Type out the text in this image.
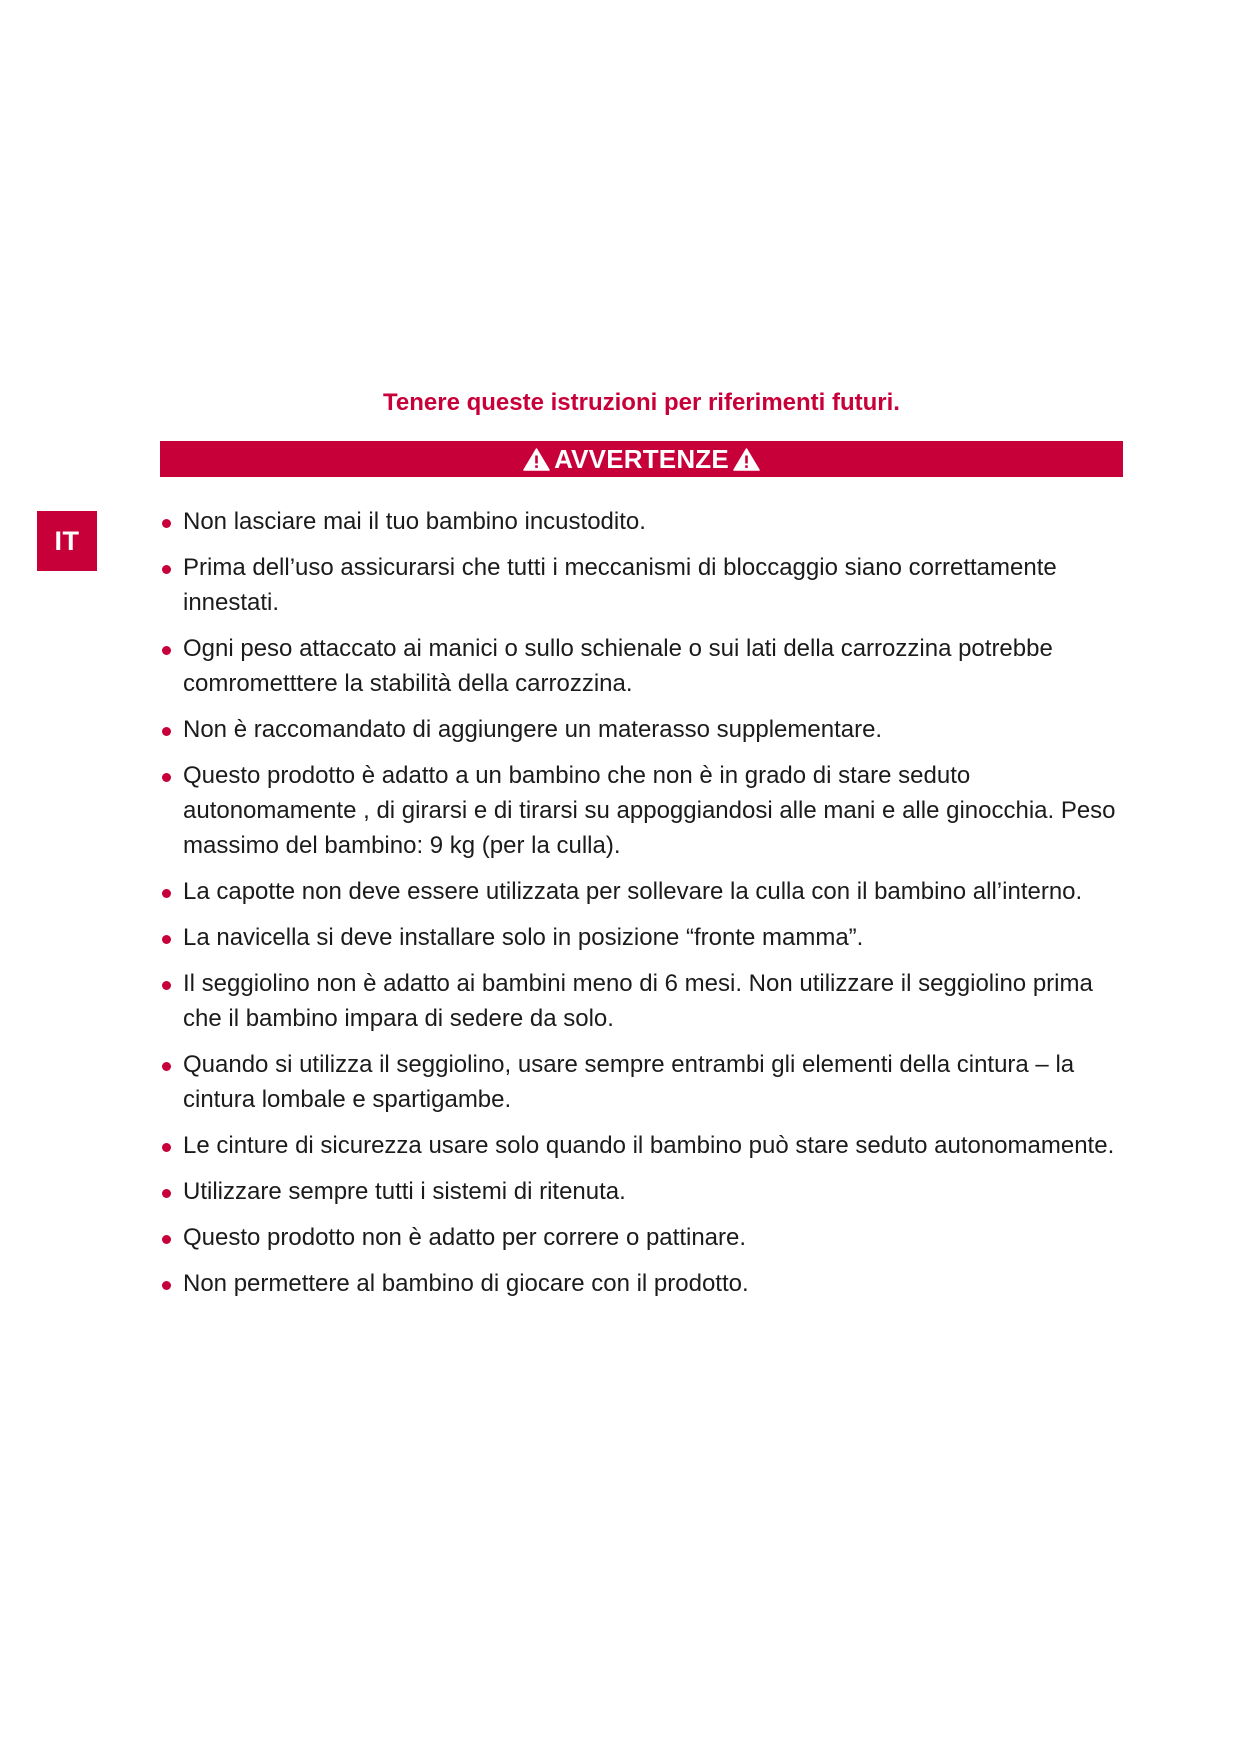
IT
Tenere queste istruzioni per riferimenti futuri.
AVVERTENZE
Non lasciare mai il tuo bambino incustodito.
Prima dell’uso assicurarsi che tutti i meccanismi di bloccaggio siano correttamente innestati.
Ogni peso attaccato ai manici o sullo schienale o sui lati della carrozzina potrebbe comrometttere la stabilità della carrozzina.
Non è raccomandato di aggiungere un materasso supplementare.
Questo prodotto è adatto a un bambino che non è in grado di stare seduto autonomamente , di girarsi e di tirarsi su appoggiandosi alle mani e alle ginocchia. Peso massimo del bambino: 9 kg (per la culla).
La capotte non deve essere utilizzata per sollevare la culla con il bambino all’interno.
La navicella si deve installare solo in posizione “fronte mamma”.
Il seggiolino non è adatto ai bambini meno di 6 mesi. Non utilizzare il seggiolino prima che il bambino impara di sedere da solo.
Quando si utilizza il seggiolino, usare sempre entrambi gli elementi della cintura – la cintura lombale e spartigambe.
Le cinture di sicurezza usare solo quando il bambino può stare seduto autonomamente.
Utilizzare sempre tutti i sistemi di ritenuta.
Questo prodotto non è adatto per correre o pattinare.
Non permettere al bambino di giocare con il prodotto.
